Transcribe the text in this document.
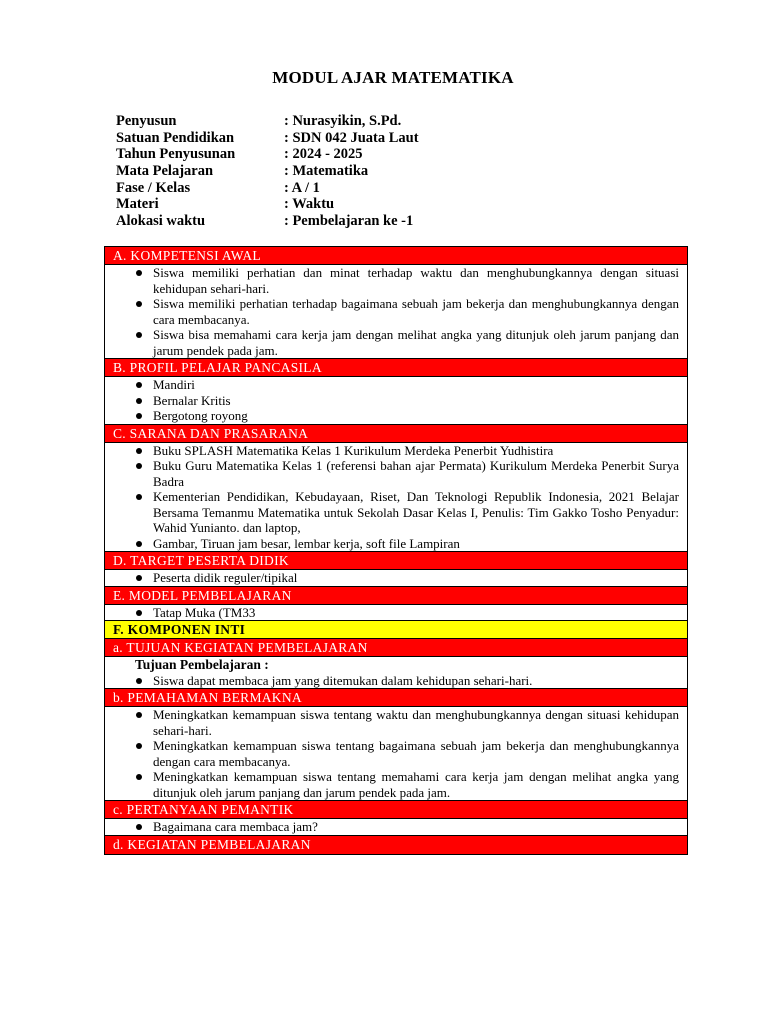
MODUL AJAR MATEMATIKA
Penyusun	: Nurasyikin, S.Pd.
Satuan Pendidikan	: SDN 042 Juata Laut
Tahun Penyusunan	: 2024 - 2025
Mata Pelajaran	: Matematika
Fase / Kelas	: A / 1
Materi	: Waktu
Alokasi waktu	: Pembelajaran ke -1
A. KOMPETENSI AWAL
Siswa memiliki perhatian dan minat terhadap waktu dan menghubungkannya dengan situasi kehidupan sehari-hari.
Siswa memiliki perhatian terhadap bagaimana sebuah jam bekerja dan menghubungkannya dengan cara membacanya.
Siswa bisa memahami cara kerja jam dengan melihat angka yang ditunjuk oleh jarum panjang dan jarum pendek pada jam.
B. PROFIL PELAJAR PANCASILA
Mandiri
Bernalar Kritis
Bergotong royong
C. SARANA DAN PRASARANA
Buku SPLASH Matematika Kelas 1 Kurikulum Merdeka Penerbit Yudhistira
Buku Guru Matematika Kelas 1 (referensi bahan ajar Permata) Kurikulum Merdeka Penerbit Surya Badra
Kementerian Pendidikan, Kebudayaan, Riset, Dan Teknologi Republik Indonesia, 2021 Belajar Bersama Temanmu Matematika untuk Sekolah Dasar Kelas I, Penulis: Tim Gakko Tosho Penyadur: Wahid Yunianto. dan laptop,
Gambar, Tiruan jam besar, lembar kerja, soft file Lampiran
D. TARGET PESERTA DIDIK
Peserta didik reguler/tipikal
E. MODEL PEMBELAJARAN
Tatap Muka (TM33
F. KOMPONEN INTI
a. TUJUAN KEGIATAN PEMBELAJARAN
Tujuan Pembelajaran :
Siswa dapat membaca jam yang ditemukan dalam kehidupan sehari-hari.
b. PEMAHAMAN BERMAKNA
Meningkatkan kemampuan siswa tentang waktu dan menghubungkannya dengan situasi kehidupan sehari-hari.
Meningkatkan kemampuan siswa tentang bagaimana sebuah jam bekerja dan menghubungkannya dengan cara membacanya.
Meningkatkan kemampuan siswa tentang memahami cara kerja jam dengan melihat angka yang ditunjuk oleh jarum panjang dan jarum pendek pada jam.
c. PERTANYAAN PEMANTIK
Bagaimana cara membaca jam?
d. KEGIATAN PEMBELAJARAN
